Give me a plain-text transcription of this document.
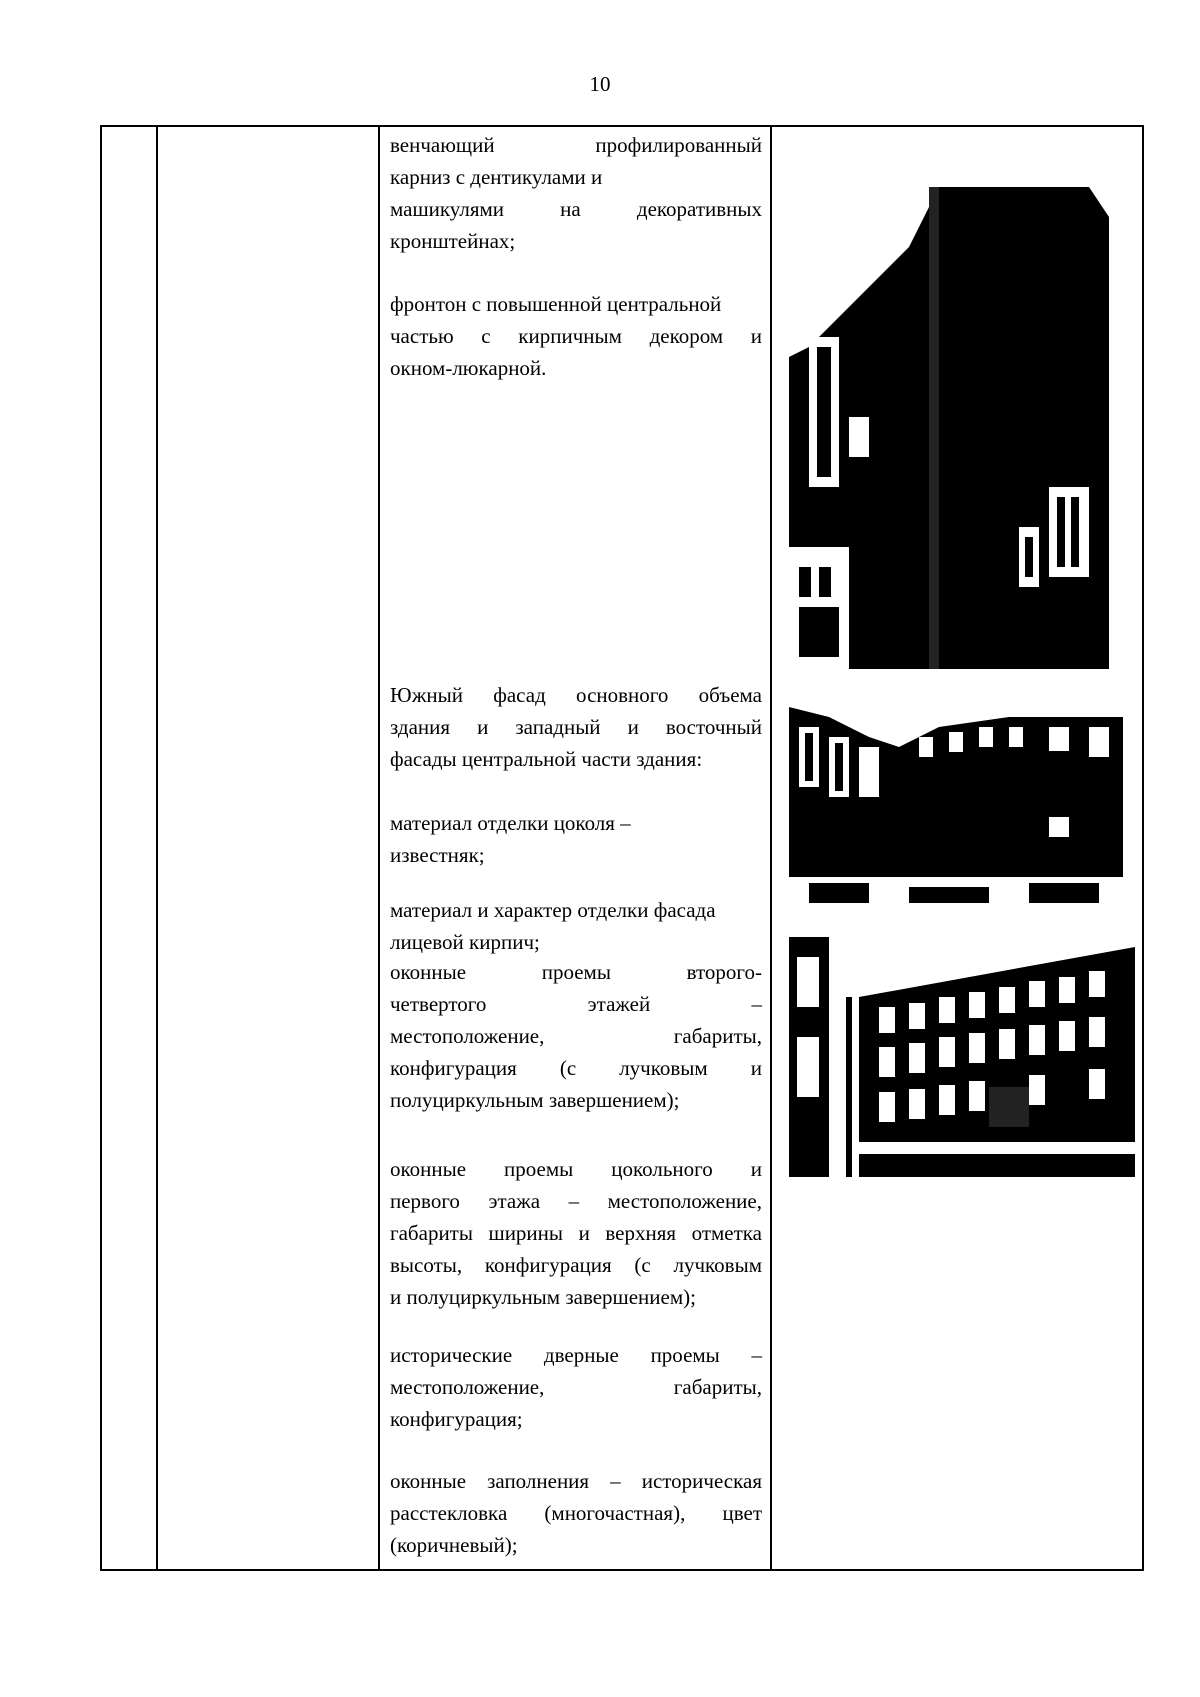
10
венчающий профилированный
карниз с дентикулами и
машикулями на декоративных
кронштейнах;
фронтон с повышенной центральной
частью с кирпичным декором и
окном-люкарной.
Южный фасад основного объема
здания и западный и восточный
фасады центральной части здания:
материал отделки цоколя –
известняк;
материал и характер отделки фасада
лицевой кирпич;
оконные проемы второго-
четвертого этажей –
местоположение, габариты,
конфигурация (с лучковым и
полуциркульным завершением);
оконные проемы цокольного и
первого этажа – местоположение,
габариты ширины и верхняя отметка
высоты, конфигурация (с лучковым
и полуциркульным завершением);
исторические дверные проемы –
местоположение, габариты,
конфигурация;
оконные заполнения – историческая
расстекловка (многочастная), цвет
(коричневый);
